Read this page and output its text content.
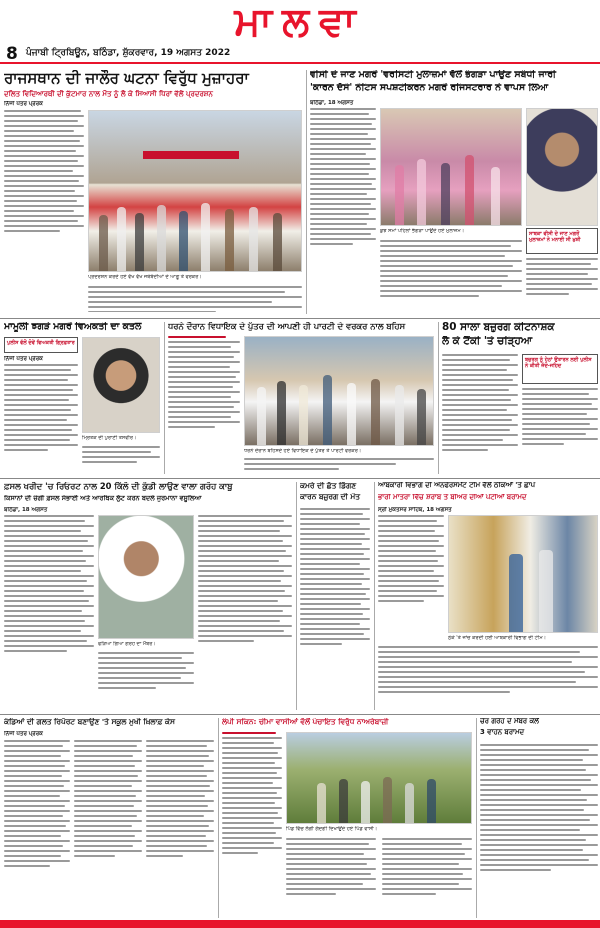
ਮਾਲਵਾ
8 ਪੰਜਾਬੀ ਟ੍ਰਿਬਿਊਨ, ਬਠਿੰਡਾ, ਸ਼ੁੱਕਰਵਾਰ, 19 ਅਗਸਤ 2022
ਰਾਜਸਥਾਨ ਦੀ ਜਾਲੌਰ ਘਟਨਾ ਵਿਰੁੱਧ ਮੁਜ਼ਾਹਰਾ
ਦਲਿਤ ਵਿਦਿਆਰਥੀ ਦੀ ਕੁੱਟਮਾਰ ਨਾਲ ਮੌਤ ਨੂੰ ਲੈ ਕੇ ਸਿਆਸੀ ਧਿਰਾਂ ਵੱਲੋਂ ਪ੍ਰਦਰਸ਼ਨ
ਨਿੱਜੀ ਪੱਤਰ ਪ੍ਰੇਰਕ
ਪ੍ਰਦਰਸ਼ਨ ਕਰਦੇ ਹੋਏ ਵੱਖ ਵੱਖ ਜਥੇਬੰਦੀਆਂ ਦੇ ਆਗੂ ਤੇ ਵਰਕਰ।
ਵੀਸੀ ਦੇ ਜਾਣ ਮਗਰੋਂ 'ਵਰਸਿਟੀ ਮੁਲਾਜ਼ਮਾਂ ਵੱਲੋਂ ਭੰਗੜਾ ਪਾਉਣ ਸਬੰਧੀ ਜਾਰੀ
'ਕਾਰਨ ਦੱਸੋ' ਨੋਟਿਸ ਸਪਸ਼ਟੀਕਰਨ ਮਗਰੋਂ ਰਜਿਸਟਰਾਰ ਨੇ ਵਾਪਸ ਲਿਆ
ਬਠਿੰਡਾ, 18 ਅਗਸਤ
ਕੁਝ ਸਮਾਂ ਪਹਿਲਾਂ ਭੰਗੜਾ ਪਾਉਂਦੇ ਹੋਏ ਮੁਲਾਜ਼ਮ।	ਸਾਬਕਾ ਵੀਸੀ ਦੇ ਜਾਣ ਮਗਰੋਂ ਮੁਲਾਜ਼ਮਾਂ ਨੇ ਮਨਾਈ ਸੀ ਖ਼ੁਸ਼ੀ
ਮਾਮੂਲੀ ਝਗੜੇ ਮਗਰੋਂ ਵਿਅਕਤੀ ਦਾ ਕਤਲ
ਪੁਲੀਸ ਵੱਲੋਂ ਦੋਵੇਂ ਵਿਅਕਤੀ ਗ੍ਰਿਫ਼ਤਾਰ
ਨਿੱਜੀ ਪੱਤਰ ਪ੍ਰੇਰਕ
ਮ੍ਰਿਤਕ ਦੀ ਪੁਰਾਣੀ ਤਸਵੀਰ।
ਧਰਨੇ ਦੌਰਾਨ ਵਿਧਾਇਕ ਦੇ ਪੁੱਤਰ ਦੀ ਆਪਣੀ ਹੀ ਪਾਰਟੀ ਦੇ ਵਰਕਰ ਨਾਲ ਬਹਿਸ
ਧਰਨੇ ਦੌਰਾਨ ਬਹਿਸਦੇ ਹੋਏ ਵਿਧਾਇਕ ਦੇ ਪੁੱਤਰ ਤੇ ਪਾਰਟੀ ਵਰਕਰ।
80 ਸਾਲਾ ਬਜ਼ੁਰਗ ਕੀਟਨਾਸ਼ਕ
ਲੈ ਕੇ ਟੈਂਕੀ 'ਤੇ ਚੜ੍ਹਿਆ
ਬਜ਼ੁਰਗ ਨੂੰ ਹੇਠਾਂ ਉਤਾਰਨ ਲਈ ਪੁਲੀਸ ਨੇ ਕੀਤੀ ਜੱਦੋ-ਜਹਿਦ
ਫ਼ਸਲ ਖਰੀਦ 'ਚ ਰਿਓਰਟ ਨਾਲ 20 ਕਿੱਲੋ ਦੀ ਕੁੰਡੀ ਲਾਉਣ ਵਾਲਾ ਗਰੋਹ ਕਾਬੂ
ਕਿਸਾਨਾਂ ਦੀ ਚੰਗੀ ਫ਼ਸਲ ਸੰਭਾਈ ਅਤੇ ਆਰਥਿਕ ਲੁੱਟ ਕਰਨ ਬਦਲੇ ਜੁਰਮਾਨਾ ਵਸੂਲਿਆ
ਬਠਿੰਡਾ, 18 ਅਗਸਤ
ਫੜਿਆ ਗਿਆ ਗਰੋਹ ਦਾ ਮੈਂਬਰ।
ਕਮਰੇ ਦੀ ਛੱਤ ਡਿੱਗਣ
ਕਾਰਨ ਬਜ਼ੁਰਗ ਦੀ ਮੌਤ
ਆਬਕਾਰੀ ਵਿਭਾਗ ਦੀ ਐਨਫੋਰਸਮੈਂਟ ਟੀਮ ਵੱਲੋਂ ਠੇਕਿਆਂ 'ਤੇ ਛਾਪੇ
ਭਾਰੀ ਮਾਤਰਾ ਵਿੱਚ ਸ਼ਰਾਬ ਤੇ ਬੀਅਰ ਦੀਆਂ ਪੇਟੀਆਂ ਬਰਾਮਦ
ਸ੍ਰੀ ਮੁਕਤਸਰ ਸਾਹਿਬ, 18 ਅਗਸਤ
ਠੇਕੇ 'ਤੇ ਜਾਂਚ ਕਰਦੀ ਹੋਈ ਆਬਕਾਰੀ ਵਿਭਾਗ ਦੀ ਟੀਮ।
ਕੰਡਿਆਂ ਦੀ ਗਲਤ ਰਿਪੋਰਟ ਬਣਾਉਣ 'ਤੇ ਸਕੂਲ ਮੁਖੀ ਖ਼ਿਲਾਫ਼ ਕੇਸ
ਨਿੱਜੀ ਪੱਤਰ ਪ੍ਰੇਰਕ
ਲੰਪੀ ਸਕਿਨ: ਚੀਮਾ ਵਾਸੀਆਂ ਵੱਲੋਂ ਪੰਚਾਇਤ ਵਿਰੁੱਧ ਨਾਅਰੇਬਾਜ਼ੀ
ਪਿੰਡ ਵਿੱਚ ਲੱਗੀ ਗੰਦਗੀ ਦਿਖਾਉਂਦੇ ਹੋਏ ਪਿੰਡ ਵਾਸੀ।
ਚੋਰ ਗਰੋਹ ਦੇ ਮੈਂਬਰ ਕੋਲੋਂ
3 ਵਾਹਨ ਬਰਾਮਦ
